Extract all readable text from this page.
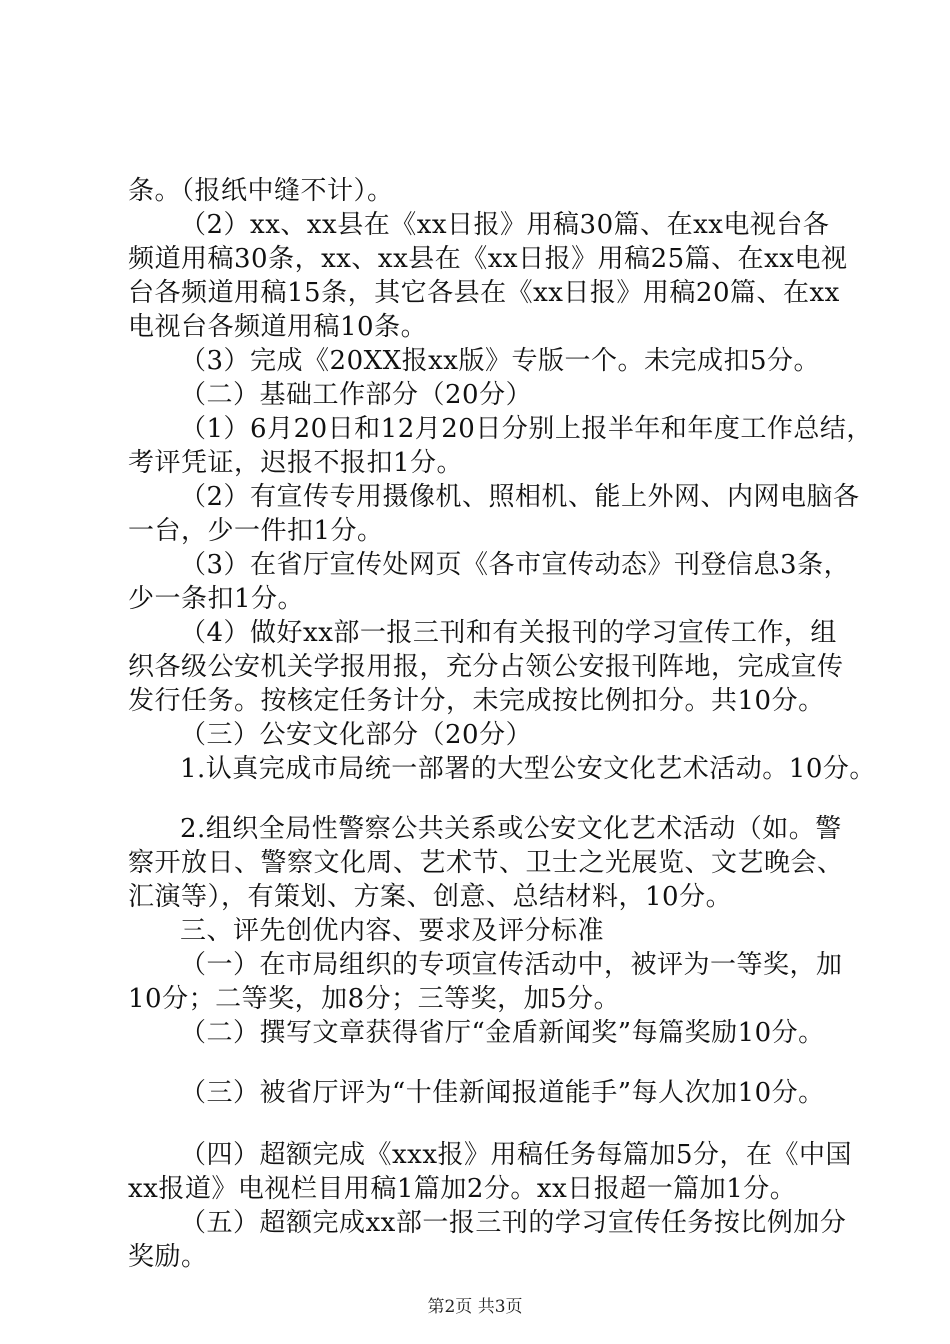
条。（报纸中缝不计）。
（2）xx、xx县在《xx日报》用稿30篇、在xx电视台各
频道用稿30条，xx、xx县在《xx日报》用稿25篇、在xx电视
台各频道用稿15条，其它各县在《xx日报》用稿20篇、在xx
电视台各频道用稿10条。
（3）完成《20XX报xx版》专版一个。未完成扣5分。
（二）基础工作部分（20分）
（1）6月20日和12月20日分别上报半年和年度工作总结，
考评凭证，迟报不报扣1分。
（2）有宣传专用摄像机、照相机、能上外网、内网电脑各
一台，少一件扣1分。
（3）在省厅宣传处网页《各市宣传动态》刊登信息3条，
少一条扣1分。
（4）做好xx部一报三刊和有关报刊的学习宣传工作，组
织各级公安机关学报用报，充分占领公安报刊阵地，完成宣传
发行任务。按核定任务计分，未完成按比例扣分。共10分。
（三）公安文化部分（20分）
1.认真完成市局统一部署的大型公安文化艺术活动。10分。
2.组织全局性警察公共关系或公安文化艺术活动（如。警
察开放日、警察文化周、艺术节、卫士之光展览、文艺晚会、
汇演等），有策划、方案、创意、总结材料，10分。
三、评先创优内容、要求及评分标准
（一）在市局组织的专项宣传活动中，被评为一等奖，加
10分；二等奖，加8分；三等奖，加5分。
（二）撰写文章获得省厅“金盾新闻奖”每篇奖励10分。
（三）被省厅评为“十佳新闻报道能手”每人次加10分。
（四）超额完成《xxx报》用稿任务每篇加5分，在《中国
xx报道》电视栏目用稿1篇加2分。xx日报超一篇加1分。
（五）超额完成xx部一报三刊的学习宣传任务按比例加分
奖励。
第2页 共3页
